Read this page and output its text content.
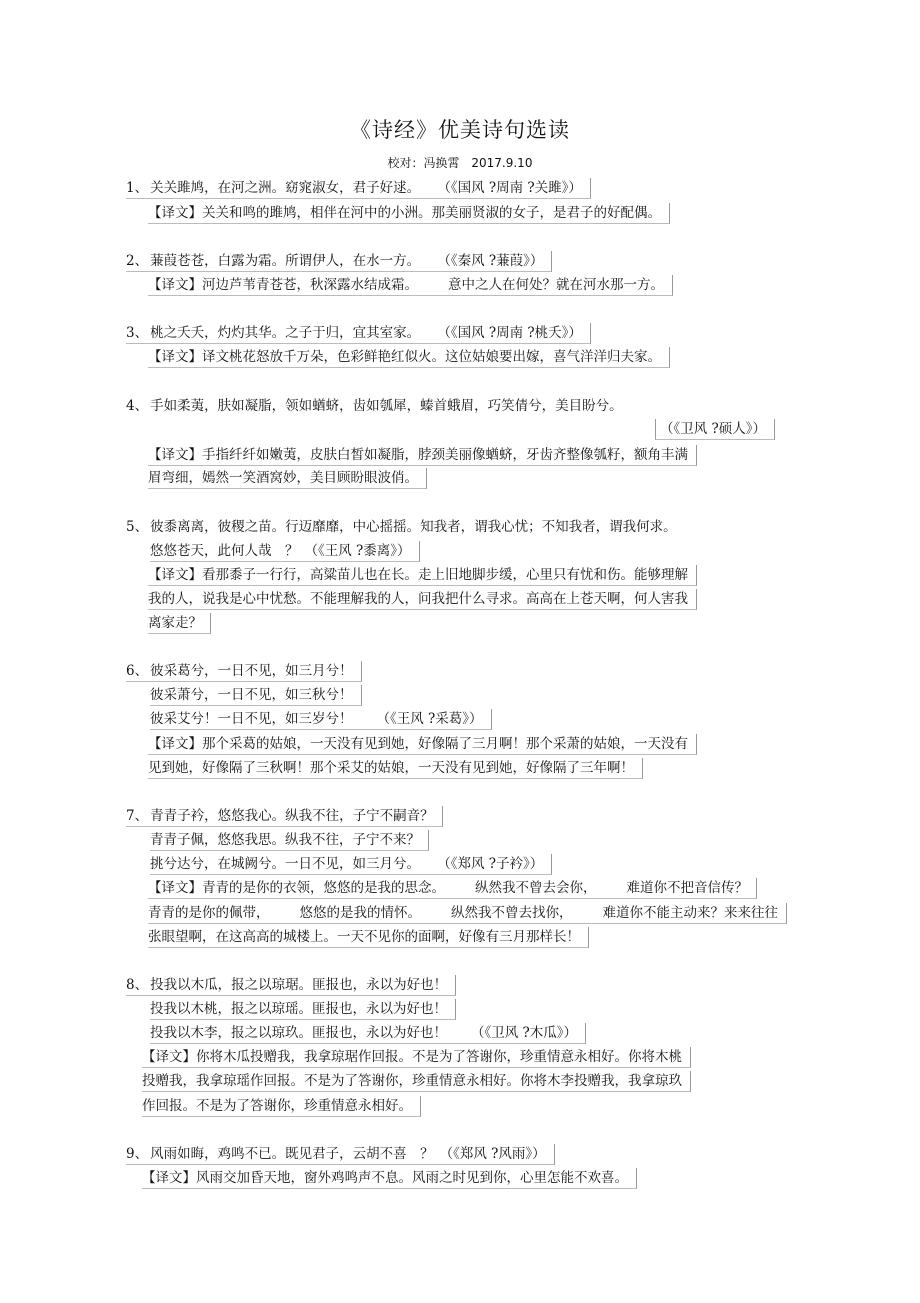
《诗经》优美诗句选读
校对：冯换霄 2017.9.10
1、 关关雎鸠，在河之洲。窈窕淑女，君子好逑。 （《国风 ?周南 ?关雎》）
【译文】关关和鸣的雎鸠，相伴在河中的小洲。那美丽贤淑的女子，是君子的好配偶。
2、 蒹葭苍苍，白露为霜。所谓伊人，在水一方。 （《秦风 ?蒹葭》）
【译文】河边芦苇青苍苍，秋深露水结成霜。 意中之人在何处？就在河水那一方。
3、 桃之夭夭，灼灼其华。之子于归，宜其室家。 （《国风 ?周南 ?桃夭》）
【译文】译文桃花怒放千万朵，色彩鲜艳红似火。这位姑娘要出嫁，喜气洋洋归夫家。
4、 手如柔荑，肤如凝脂，领如蝤蛴，齿如瓠犀，螓首蛾眉，巧笑倩兮，美目盼兮。
（《卫风 ?硕人》）
【译文】手指纤纤如嫩荑，皮肤白皙如凝脂，脖颈美丽像蝤蛴，牙齿齐整像瓠籽，额角丰满
眉弯细，嫣然一笑酒窝妙，美目顾盼眼波俏。
5、 彼黍离离，彼稷之苗。行迈靡靡，中心摇摇。知我者，谓我心忧；不知我者，谓我何求。
悠悠苍天，此何人哉　？ （《王风 ?黍离》）
【译文】看那黍子一行行，高粱苗儿也在长。走上旧地脚步缓，心里只有忧和伤。能够理解
我的人，说我是心中忧愁。不能理解我的人，问我把什么寻求。高高在上苍天啊，何人害我
离家走？
6、 彼采葛兮，一日不见，如三月兮！
彼采萧兮，一日不见，如三秋兮！
彼采艾兮！一日不见，如三岁兮！ （《王风 ?采葛》）
【译文】那个采葛的姑娘，一天没有见到她，好像隔了三月啊！那个采萧的姑娘，一天没有
见到她，好像隔了三秋啊！那个采艾的姑娘，一天没有见到她，好像隔了三年啊！
7、 青青子衿，悠悠我心。纵我不往，子宁不嗣音？
青青子佩，悠悠我思。纵我不往，子宁不来？
挑兮达兮，在城阙兮。一日不见，如三月兮。 （《郑风 ?子衿》）
【译文】青青的是你的衣领，悠悠的是我的思念。 纵然我不曾去会你， 难道你不把音信传？
青青的是你的佩带， 悠悠的是我的情怀。 纵然我不曾去找你， 难道你不能主动来？来来往往
张眼望啊，在这高高的城楼上。一天不见你的面啊，好像有三月那样长！
8、 投我以木瓜，报之以琼琚。匪报也，永以为好也！
投我以木桃，报之以琼瑶。匪报也，永以为好也！
投我以木李，报之以琼玖。匪报也，永以为好也！ （《卫风 ?木瓜》）
【译文】你将木瓜投赠我，我拿琼琚作回报。不是为了答谢你，珍重情意永相好。你将木桃
投赠我，我拿琼瑶作回报。不是为了答谢你，珍重情意永相好。你将木李投赠我，我拿琼玖
作回报。不是为了答谢你，珍重情意永相好。
9、 风雨如晦，鸡鸣不已。既见君子，云胡不喜　？ （《郑风 ?风雨》）
【译文】风雨交加昏天地，窗外鸡鸣声不息。风雨之时见到你，心里怎能不欢喜。
